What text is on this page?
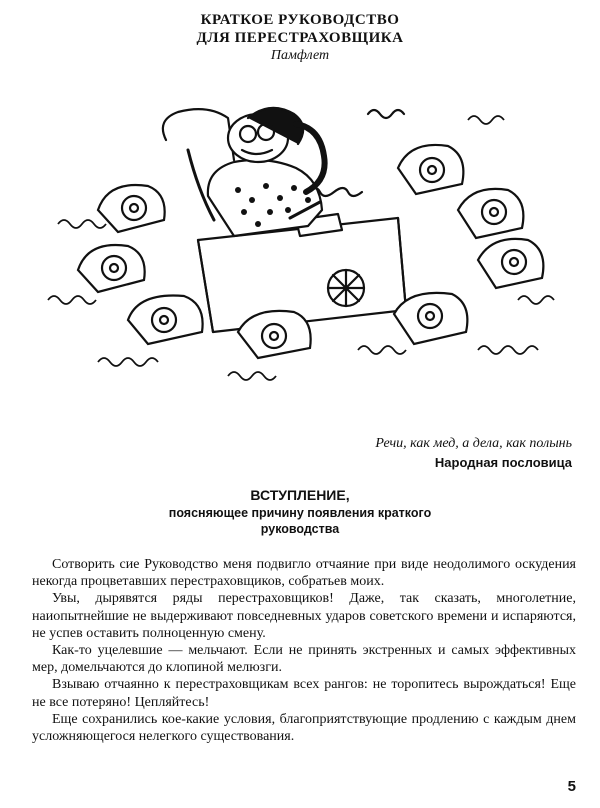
КРАТКОЕ РУКОВОДСТВО
ДЛЯ ПЕРЕСТРАХОВЩИКА
Памфлет
Речи, как мед, а дела, как полынь
Народная пословица
ВСТУПЛЕНИЕ,
поясняющее причину появления краткого
руководства

Сотворить сие Руководство меня подвигло отчаяние при виде неодолимого оскудения некогда процветавших перестраховщиков, собратьев моих.

Увы, дырявятся ряды перестраховщиков! Даже, так сказать, многолетние, наиопытнейшие не выдерживают повседневных ударов советского времени и испаряются, не успев оставить полноценную смену.

Как-то уцелевшие — мельчают. Если не принять экстренных и самых эффективных мер, домельчаются до клопиной мелюзги.

Взываю отчаянно к перестраховщикам всех рангов: не торопитесь вырождаться! Еще не все потеряно! Цепляйтесь!

Еще сохранились кое-какие условия, благоприятствующие продлению с каждым днем усложняющегося нелегкого существования.

5
